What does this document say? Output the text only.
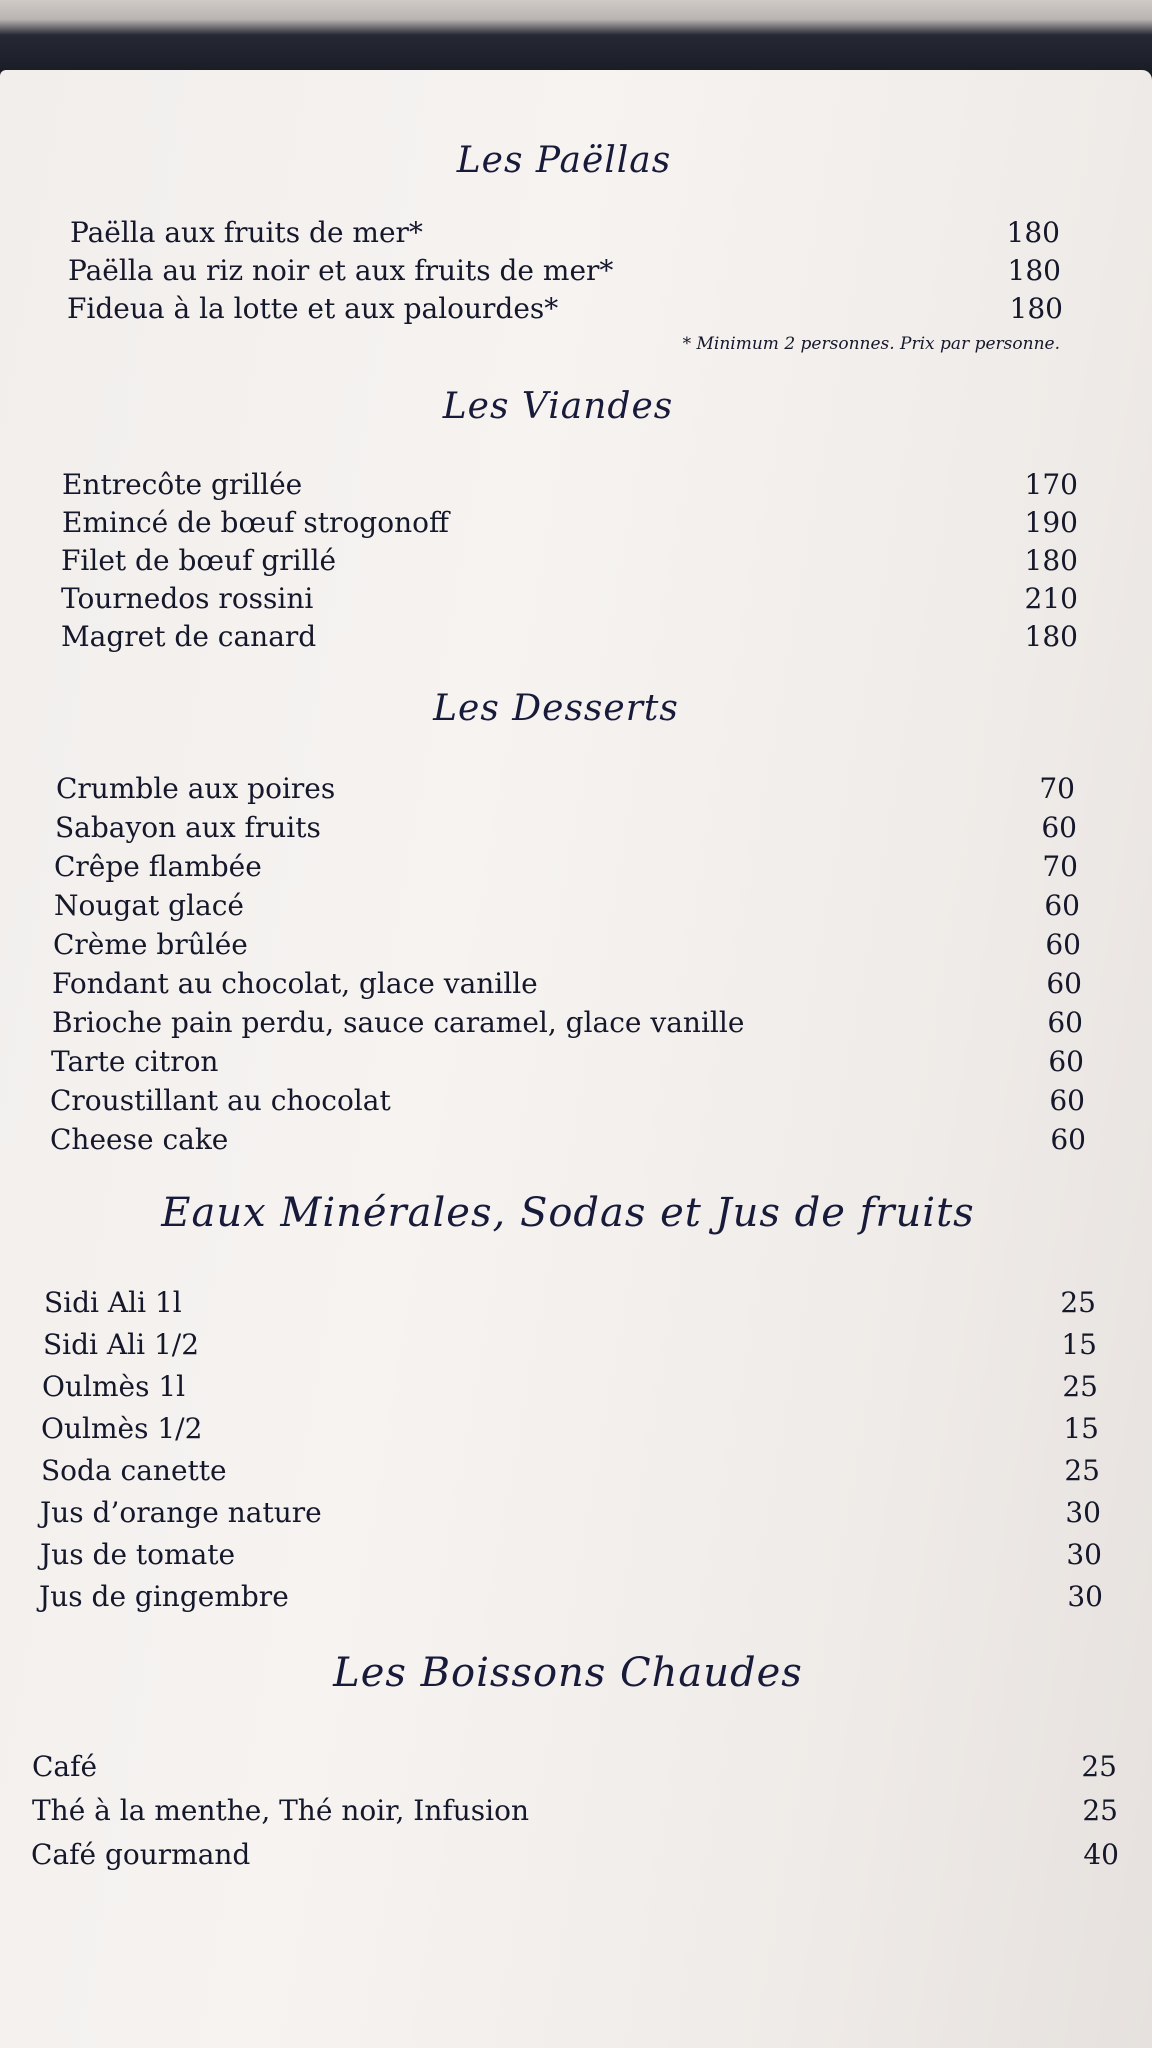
Les Paëllas
Paëlla aux fruits de mer*	180
Paëlla au riz noir et aux fruits de mer*	180
Fideua à la lotte et aux palourdes*	180
* Minimum 2 personnes. Prix par personne.
Les Viandes
Entrecôte grillée	170
Emincé de bœuf strogonoff	190
Filet de bœuf grillé	180
Tournedos rossini	210
Magret de canard	180
Les Desserts
Crumble aux poires	70
Sabayon aux fruits	60
Crêpe flambée	70
Nougat glacé	60
Crème brûlée	60
Fondant au chocolat, glace vanille	60
Brioche pain perdu, sauce caramel, glace vanille	60
Tarte citron	60
Croustillant au chocolat	60
Cheese cake	60
Eaux Minérales, Sodas et Jus de fruits
Sidi Ali 1l	25
Sidi Ali 1/2	15
Oulmès 1l	25
Oulmès 1/2	15
Soda canette	25
Jus d’orange nature	30
Jus de tomate	30
Jus de gingembre	30
Les Boissons Chaudes
Café	25
Thé à la menthe, Thé noir, Infusion	25
Café gourmand	40
